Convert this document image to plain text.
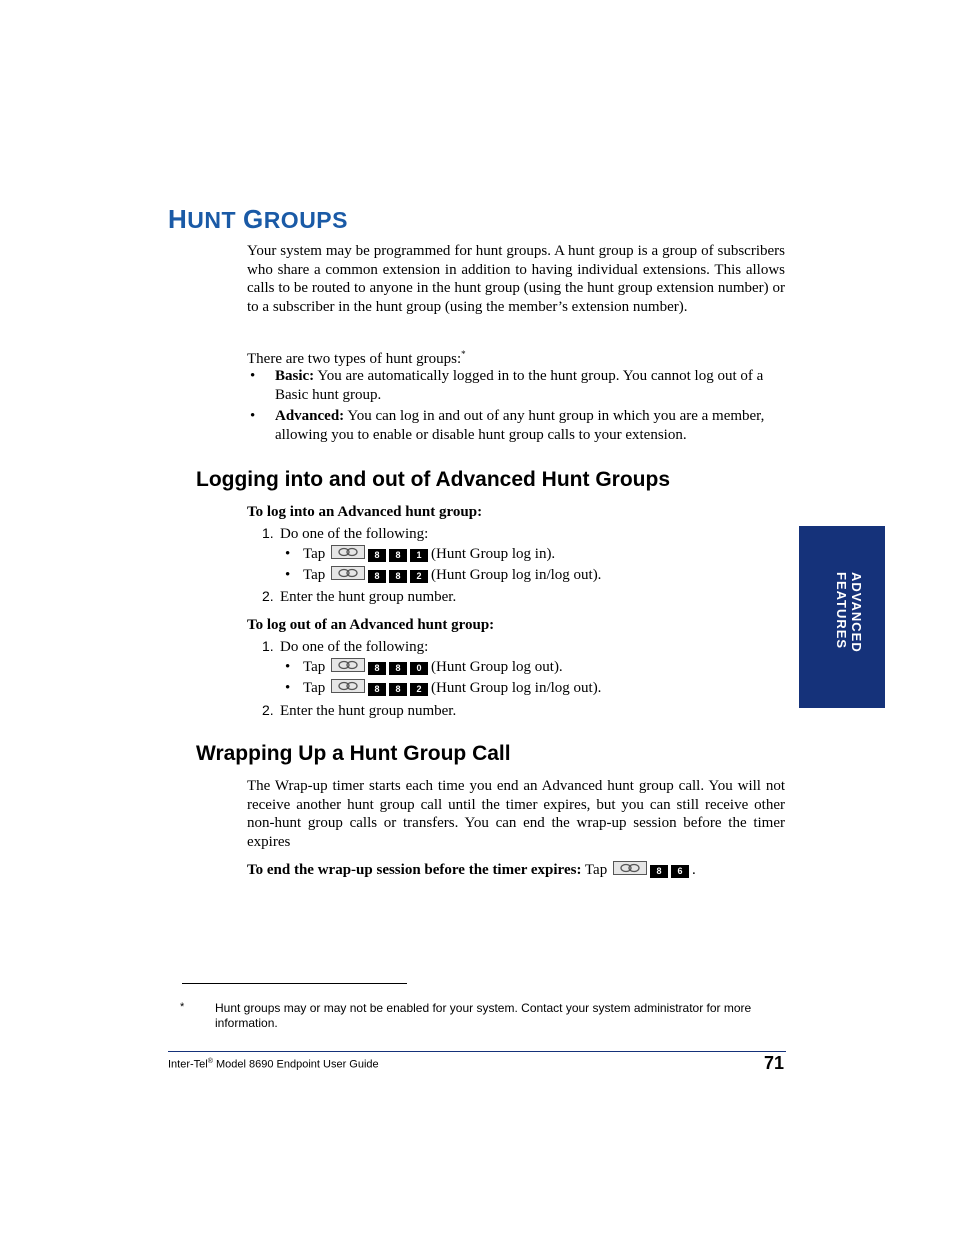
HUNT GROUPS

Your system may be programmed for hunt groups. A hunt group is a group of subscribers who share a common extension in addition to having individual extensions. This allows calls to be routed to anyone in the hunt group (using the hunt group extension number) or to a subscriber in the hunt group (using the member’s extension number).

There are two types of hunt groups:*
• Basic: You are automatically logged in to the hunt group. You cannot log out of a Basic hunt group.
• Advanced: You can log in and out of any hunt group in which you are a member, allowing you to enable or disable hunt group calls to your extension.
Logging into and out of Advanced Hunt Groups
To log into an Advanced hunt group:
1. Do one of the following:
• Tap	8 8 1 (Hunt Group log in).
• Tap	8 8 2 (Hunt Group log in/log out).
2. Enter the hunt group number.
To log out of an Advanced hunt group:
1. Do one of the following:
• Tap	8 8 0 (Hunt Group log out).
• Tap	8 8 2 (Hunt Group log in/log out).
2. Enter the hunt group number.
Wrapping Up a Hunt Group Call

The Wrap-up timer starts each time you end an Advanced hunt group call. You will not receive another hunt group call until the timer expires, but you can still receive other non-hunt group calls or transfers. You can end the wrap-up session before the timer expires

To end the wrap-up session before the timer expires: Tap	8 6 .
ADVANCED
FEATURES
*	Hunt groups may or may not be enabled for your system. Contact your system administrator for more information.
Inter-Tel® Model 8690 Endpoint User Guide	71
